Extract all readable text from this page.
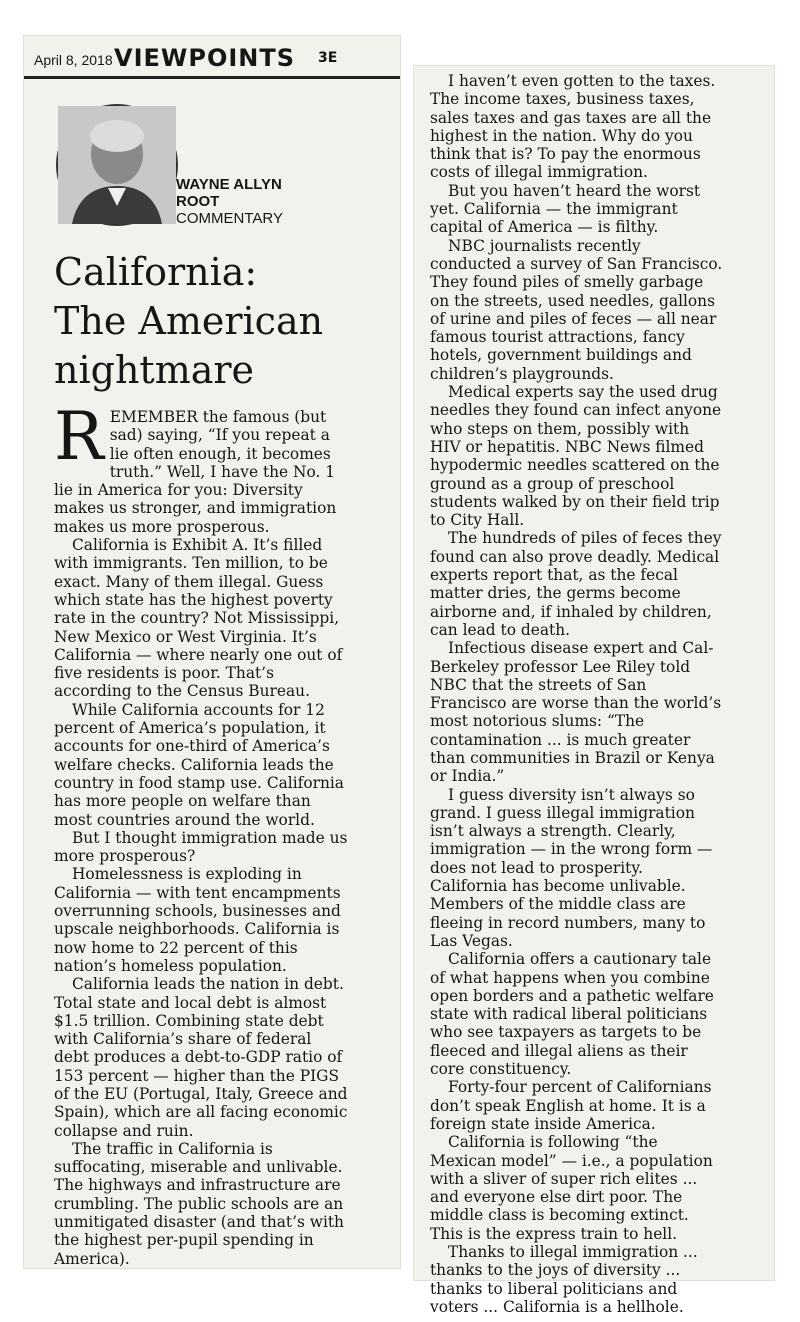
April 8, 2018 VIEWPOINTS 3E
WAYNE ALLYN
ROOT
COMMENTARY
California:
The American
nightmare

REMEMBER the famous (but sad) saying, “If you repeat a lie often enough, it becomes truth.” Well, I have the No. 1 lie in America for you: Diversity makes us stronger, and immigration makes us more prosperous.

California is Exhibit A. It’s filled with immigrants. Ten million, to be exact. Many of them illegal. Guess which state has the highest poverty rate in the country? Not Mississippi, New Mexico or West Virginia. It’s California — where nearly one out of five residents is poor. That’s according to the Census Bureau.

While California accounts for 12 percent of America’s population, it accounts for one-third of America’s welfare checks. California leads the country in food stamp use. California has more people on welfare than most countries around the world.

But I thought immigration made us more prosperous?

Homelessness is exploding in California — with tent encampments overrunning schools, businesses and upscale neighborhoods. California is now home to 22 percent of this nation’s homeless population.

California leads the nation in debt. Total state and local debt is almost $1.5 trillion. Combining state debt with California’s share of federal debt produces a debt-to-GDP ratio of 153 percent — higher than the PIGS of the EU (Portugal, Italy, Greece and Spain), which are all facing economic collapse and ruin.

The traffic in California is suffocating, miserable and unlivable. The highways and infrastructure are crumbling. The public schools are an unmitigated disaster (and that’s with the highest per-pupil spending in America).

I haven’t even gotten to the taxes. The income taxes, business taxes, sales taxes and gas taxes are all the highest in the nation. Why do you think that is? To pay the enormous costs of illegal immigration.

But you haven’t heard the worst yet. California — the immigrant capital of America — is filthy.

NBC journalists recently conducted a survey of San Francisco. They found piles of smelly garbage on the streets, used needles, gallons of urine and piles of feces — all near famous tourist attractions, fancy hotels, government buildings and children’s playgrounds.

Medical experts say the used drug needles they found can infect anyone who steps on them, possibly with HIV or hepatitis. NBC News filmed hypodermic needles scattered on the ground as a group of preschool students walked by on their field trip to City Hall.

The hundreds of piles of feces they found can also prove deadly. Medical experts report that, as the fecal matter dries, the germs become airborne and, if inhaled by children, can lead to death.

Infectious disease expert and Cal-Berkeley professor Lee Riley told NBC that the streets of San Francisco are worse than the world’s most notorious slums: “The contamination ... is much greater than communities in Brazil or Kenya or India.”

I guess diversity isn’t always so grand. I guess illegal immigration isn’t always a strength. Clearly, immigration — in the wrong form — does not lead to prosperity. California has become unlivable. Members of the middle class are fleeing in record numbers, many to Las Vegas.

California offers a cautionary tale of what happens when you combine open borders and a pathetic welfare state with radical liberal politicians who see taxpayers as targets to be fleeced and illegal aliens as their core constituency.

Forty-four percent of Californians don’t speak English at home. It is a foreign state inside America.

California is following “the Mexican model” — i.e., a population with a sliver of super rich elites ... and everyone else dirt poor. The middle class is becoming extinct. This is the express train to hell.

Thanks to illegal immigration ... thanks to the joys of diversity ... thanks to liberal politicians and voters ... California is a hellhole.
